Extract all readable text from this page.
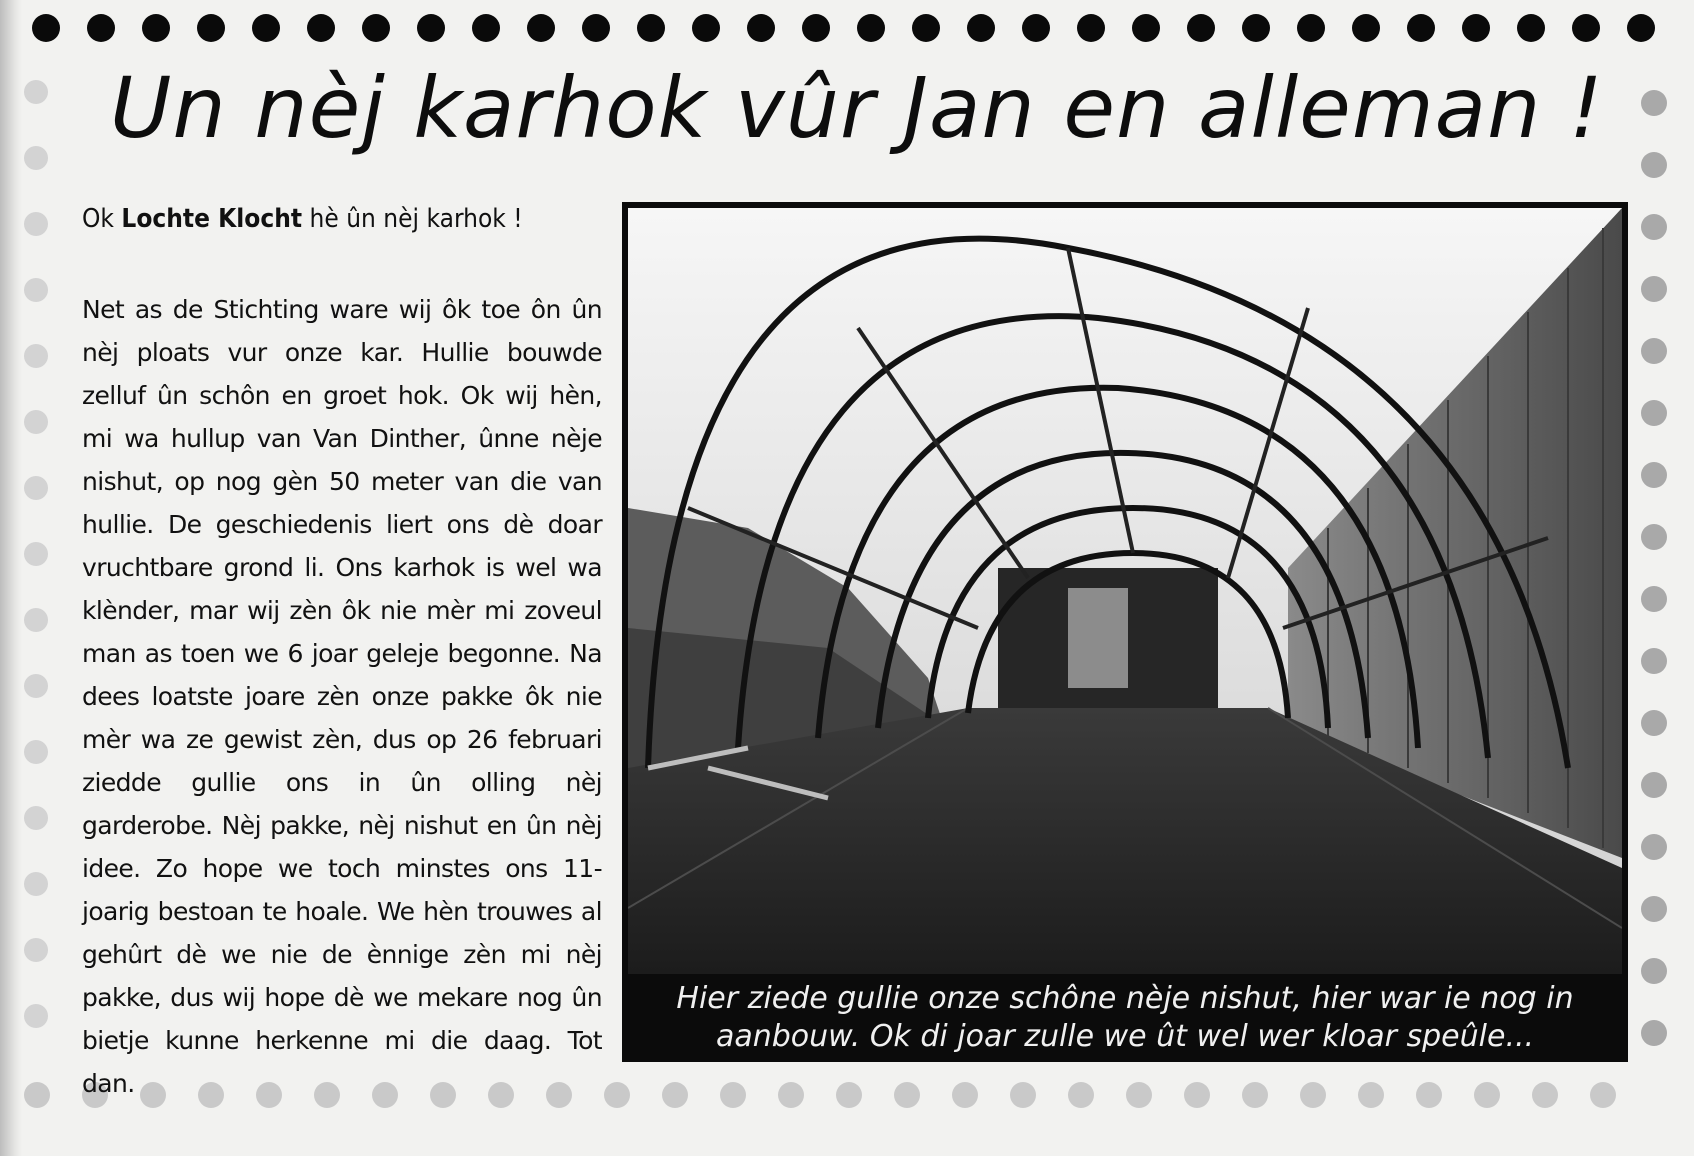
Un nèj karhok vûr Jan en alleman !

Ok Lochte Klocht hè ûn nèj karhok !

Net as de Stichting ware wij ôk toe ôn ûn nèj ploats vur onze kar. Hullie bouwde zelluf ûn schôn en groet hok. Ok wij hèn, mi wa hullup van Van Dinther, ûnne nèje nishut, op nog gèn 50 meter van die van hullie. De geschiedenis liert ons dè doar vruchtbare grond li. Ons karhok is wel wa klènder, mar wij zèn ôk nie mèr mi zoveul man as toen we 6 joar geleje begonne. Na dees loatste joare zèn onze pakke ôk nie mèr wa ze gewist zèn, dus op 26 februari ziedde gullie ons in ûn olling nèj garderobe. Nèj pakke, nèj nishut en ûn nèj idee. Zo hope we toch minstes ons 11-joarig bestoan te hoale. We hèn trouwes al gehûrt dè we nie de ènnige zèn mi nèj pakke, dus wij hope dè we mekare nog ûn bietje kunne herkenne mi die daag. Tot dan.

Hier ziede gullie onze schône nèje nishut, hier war ie nog in aanbouw. Ok di joar zulle we ût wel wer kloar speûle...
